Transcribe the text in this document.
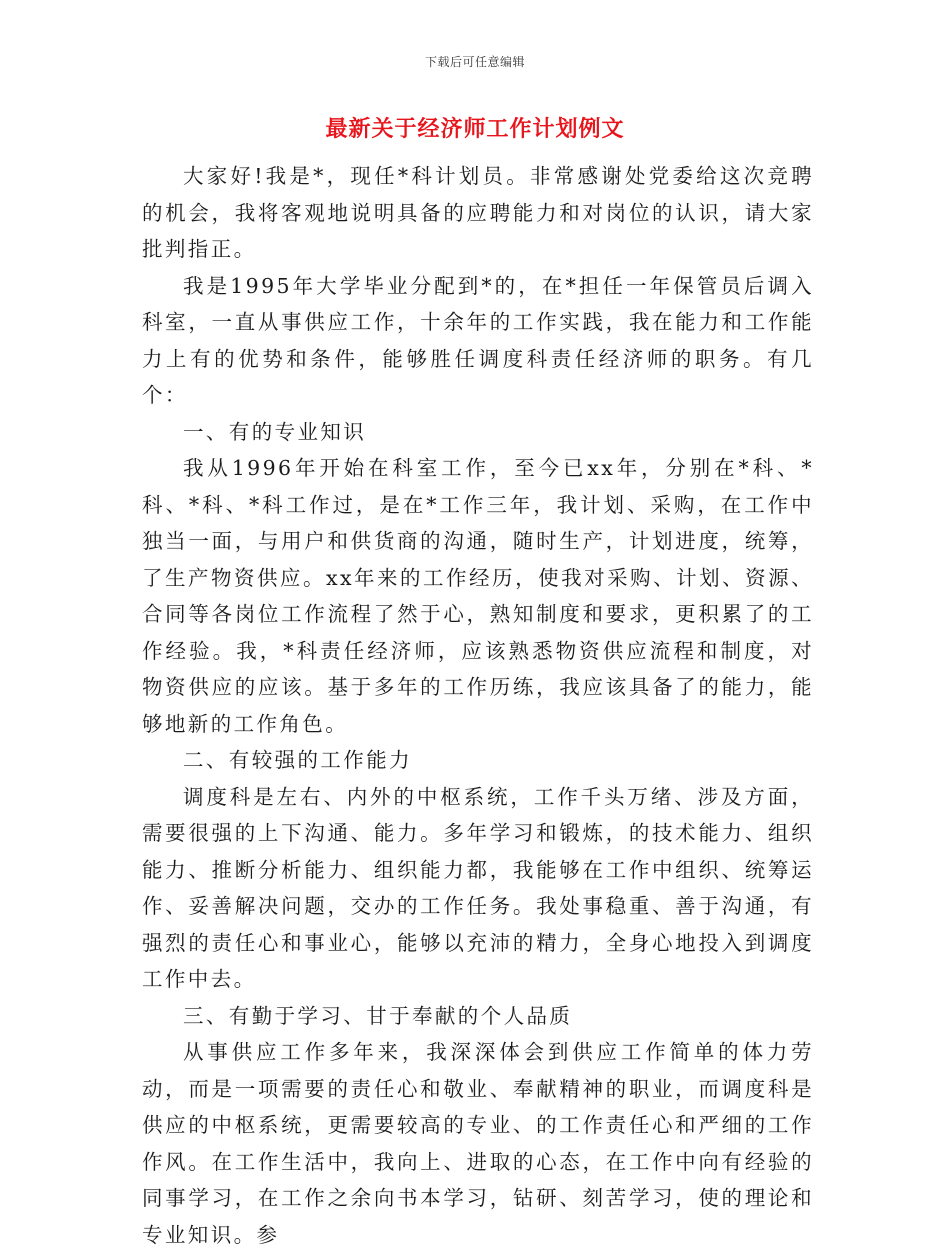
下载后可任意编辑
最新关于经济师工作计划例文

大家好!我是*，现任*科计划员。非常感谢处党委给这次竞聘的机会，我将客观地说明具备的应聘能力和对岗位的认识，请大家批判指正。

我是1995年大学毕业分配到*的，在*担任一年保管员后调入科室，一直从事供应工作，十余年的工作实践，我在能力和工作能力上有的优势和条件，能够胜任调度科责任经济师的职务。有几个：

一、有的专业知识

我从1996年开始在科室工作，至今已xx年，分别在*科、*科、*科、*科工作过，是在*工作三年，我计划、采购，在工作中独当一面，与用户和供货商的沟通，随时生产，计划进度，统筹，了生产物资供应。xx年来的工作经历，使我对采购、计划、资源、合同等各岗位工作流程了然于心，熟知制度和要求，更积累了的工作经验。我，*科责任经济师，应该熟悉物资供应流程和制度，对物资供应的应该。基于多年的工作历练，我应该具备了的能力，能够地新的工作角色。

二、有较强的工作能力

调度科是左右、内外的中枢系统，工作千头万绪、涉及方面，需要很强的上下沟通、能力。多年学习和锻炼，的技术能力、组织能力、推断分析能力、组织能力都，我能够在工作中组织、统筹运作、妥善解决问题，交办的工作任务。我处事稳重、善于沟通，有强烈的责任心和事业心，能够以充沛的精力，全身心地投入到调度工作中去。

三、有勤于学习、甘于奉献的个人品质

从事供应工作多年来，我深深体会到供应工作简单的体力劳动，而是一项需要的责任心和敬业、奉献精神的职业，而调度科是供应的中枢系统，更需要较高的专业、的工作责任心和严细的工作作风。在工作生活中，我向上、进取的心态，在工作中向有经验的同事学习，在工作之余向书本学习，钻研、刻苦学习，使的理论和专业知识。参
